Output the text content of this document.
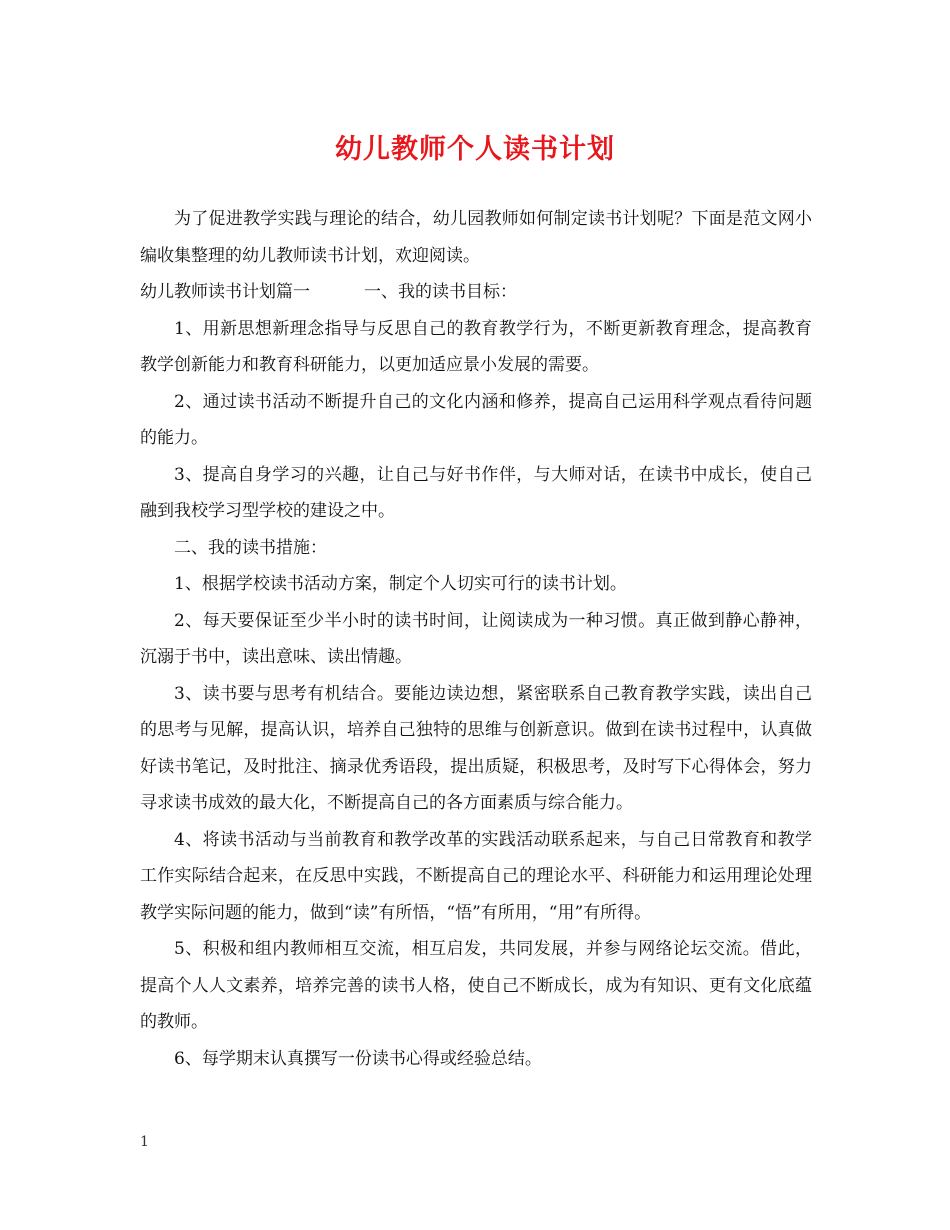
幼儿教师个人读书计划

为了促进教学实践与理论的结合，幼儿园教师如何制定读书计划呢？下面是范文网小编收集整理的幼儿教师读书计划，欢迎阅读。

幼儿教师读书计划篇一	一、我的读书目标：

1、用新思想新理念指导与反思自己的教育教学行为，不断更新教育理念，提高教育教学创新能力和教育科研能力，以更加适应景小发展的需要。

2、通过读书活动不断提升自己的文化内涵和修养，提高自己运用科学观点看待问题的能力。

3、提高自身学习的兴趣，让自己与好书作伴，与大师对话，在读书中成长，使自己融到我校学习型学校的建设之中。

二、我的读书措施：

1、根据学校读书活动方案，制定个人切实可行的读书计划。

2、每天要保证至少半小时的读书时间，让阅读成为一种习惯。真正做到静心静神，沉溺于书中，读出意味、读出情趣。

3、读书要与思考有机结合。要能边读边想，紧密联系自己教育教学实践，读出自己的思考与见解，提高认识，培养自己独特的思维与创新意识。做到在读书过程中，认真做好读书笔记，及时批注、摘录优秀语段，提出质疑，积极思考，及时写下心得体会，努力寻求读书成效的最大化，不断提高自己的各方面素质与综合能力。

4、将读书活动与当前教育和教学改革的实践活动联系起来，与自己日常教育和教学工作实际结合起来，在反思中实践，不断提高自己的理论水平、科研能力和运用理论处理教学实际问题的能力，做到“读”有所悟，“悟”有所用，“用”有所得。

5、积极和组内教师相互交流，相互启发，共同发展，并参与网络论坛交流。借此，提高个人人文素养，培养完善的读书人格，使自己不断成长，成为有知识、更有文化底蕴的教师。

6、每学期末认真撰写一份读书心得或经验总结。

1
